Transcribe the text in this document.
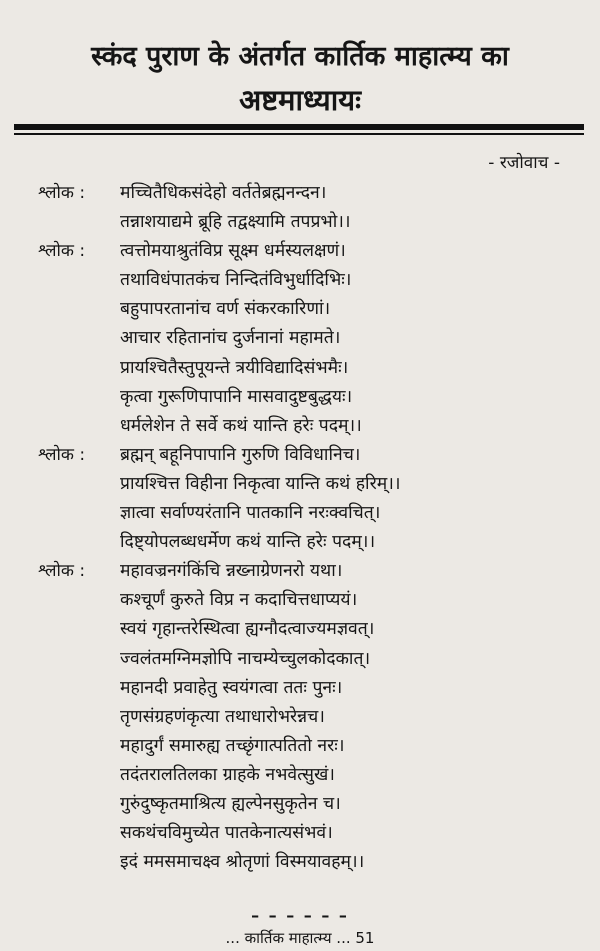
स्कंद पुराण के अंतर्गत कार्तिक माहात्म्य का
अष्टमाध्यायः
- रजोवाच -
श्लोक : मच्चितैधिकसंदेहो वर्ततेब्रह्मनन्दन।
तन्नाशयाद्यमे ब्रूहि तद्वक्ष्यामि तपप्रभो।।
श्लोक : त्वत्तोमयाश्रुतंविप्र सूक्ष्म धर्मस्यलक्षणं।
तथाविधंपातकंच निन्दितंविभुर्धादिभिः।
बहुपापरतानांच वर्ण संकरकारिणां।
आचार रहितानांच दुर्जनानां महामते।
प्रायश्चितैस्तुपूयन्ते त्रयीविद्यादिसंभमैः।
कृत्वा गुरूणिपापानि मासवादुष्टबुद्धयः।
धर्मलेशेन ते सर्वे कथं यान्ति हरेः पदम्।।
श्लोक : ब्रह्मन् बहूनिपापानि गुरुणि विविधानिच।
प्रायश्चित्त विहीना निकृत्वा यान्ति कथं हरिम्।।
ज्ञात्वा सर्वाण्यरंतानि पातकानि नरःक्वचित्।
दिष्ट्योपलब्धधर्मेण कथं यान्ति हरेः पदम्।।
श्लोक : महावज्रनगंकिंचि न्नख्नाग्रेणनरो यथा।
कश्चूर्णं कुरुते विप्र न कदाचित्तधाप्ययं।
स्वयं गृहान्तरेस्थित्वा ह्यग्नौदत्वाज्यमज्ञवत्।
ज्वलंतमग्निमज्ञोपि नाचम्येच्चुलकोदकात्।
महानदी प्रवाहेतु स्वयंगत्वा ततः पुनः।
तृणसंग्रहणंकृत्या तथाधारोभरेन्नच।
महादुर्गं समारुह्य तच्छृंगात्पतितो नरः।
तदंतरालतिलका ग्राहके नभवेत्सुखं।
गुरुंदुष्कृतमाश्रित्य ह्यल्पेनसुकृतेन च।
सकथंचविमुच्येत पातकेनात्यसंभवं।
इदं ममसमाचक्ष्व श्रोतृणां विस्मयावहम्।।
– – – – – –
... कार्तिक माहात्म्य ... 51
